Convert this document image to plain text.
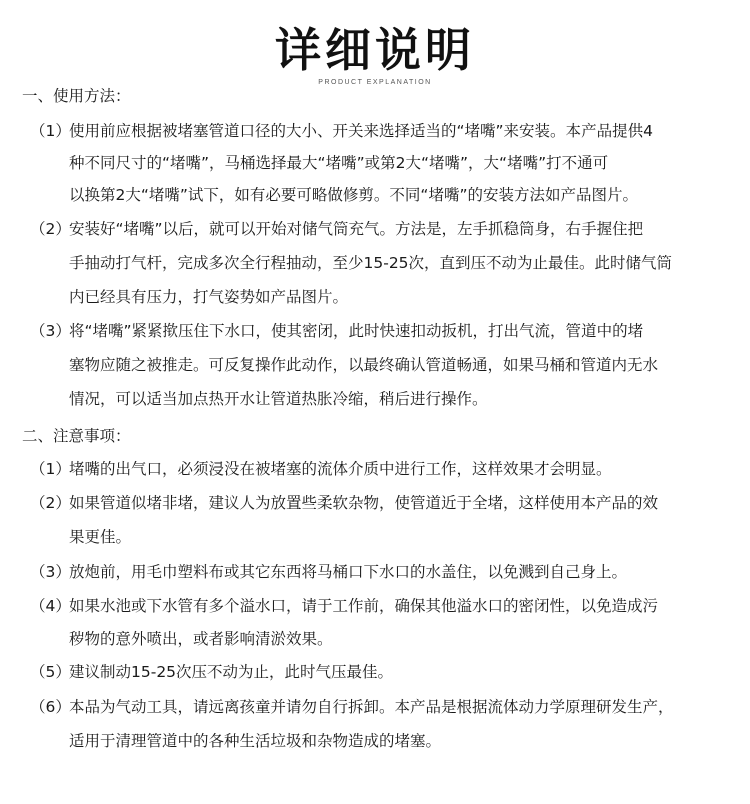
详细说明
PRODUCT EXPLANATION
一、使用方法：
（1）
使用前应根据被堵塞管道口径的大小、开关来选择适当的“堵嘴”来安装。本产品提供4
种不同尺寸的“堵嘴”，马桶选择最大“堵嘴”或第2大“堵嘴”，大“堵嘴”打不通可
以换第2大“堵嘴”试下，如有必要可略做修剪。不同“堵嘴”的安装方法如产品图片。
（2）
安装好“堵嘴”以后，就可以开始对储气筒充气。方法是，左手抓稳筒身，右手握住把
手抽动打气杆，完成多次全行程抽动，至少15-25次，直到压不动为止最佳。此时储气筒
内已经具有压力，打气姿势如产品图片。
（3）
将“堵嘴”紧紧揿压住下水口，使其密闭，此时快速扣动扳机，打出气流，管道中的堵
塞物应随之被推走。可反复操作此动作，以最终确认管道畅通，如果马桶和管道内无水
情况，可以适当加点热开水让管道热胀冷缩，稍后进行操作。
二、注意事项：
（1）
堵嘴的出气口，必须浸没在被堵塞的流体介质中进行工作，这样效果才会明显。
（2）
如果管道似堵非堵，建议人为放置些柔软杂物，使管道近于全堵，这样使用本产品的效
果更佳。
（3）
放炮前，用毛巾塑料布或其它东西将马桶口下水口的水盖住，以免溅到自己身上。
（4）
如果水池或下水管有多个溢水口，请于工作前，确保其他溢水口的密闭性，以免造成污
秽物的意外喷出，或者影响清淤效果。
（5）
建议制动15-25次压不动为止，此时气压最佳。
（6）
本品为气动工具，请远离孩童并请勿自行拆卸。本产品是根据流体动力学原理研发生产，
适用于清理管道中的各种生活垃圾和杂物造成的堵塞。
